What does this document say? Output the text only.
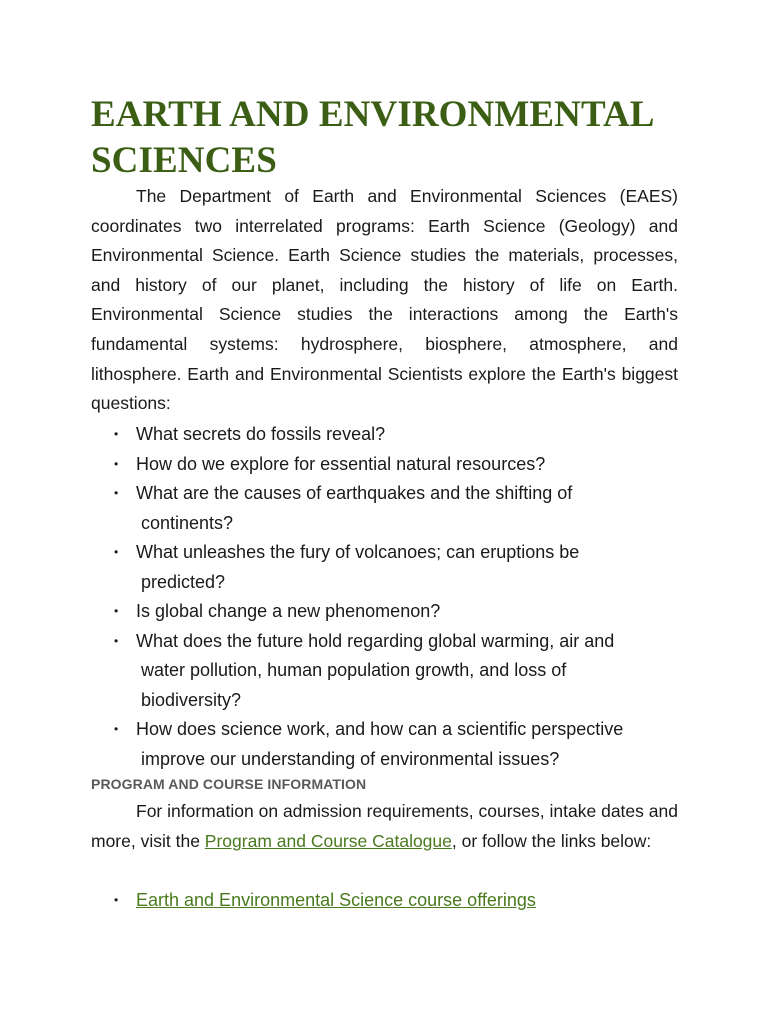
EARTH AND ENVIRONMENTAL SCIENCES

The Department of Earth and Environmental Sciences (EAES) coordinates two interrelated programs: Earth Science (Geology) and Environmental Science. Earth Science studies the materials, processes, and history of our planet, including the history of life on Earth. Environmental Science studies the interactions among the Earth's fundamental systems: hydrosphere, biosphere, atmosphere, and lithosphere. Earth and Environmental Scientists explore the Earth's biggest questions:

• What secrets do fossils reveal?
• How do we explore for essential natural resources?
• What are the causes of earthquakes and the shifting of
continents?
• What unleashes the fury of volcanoes; can eruptions be
predicted?
• Is global change a new phenomenon?
• What does the future hold regarding global warming, air and
water pollution, human population growth, and loss of
biodiversity?
• How does science work, and how can a scientific perspective
improve our understanding of environmental issues?
PROGRAM AND COURSE INFORMATION

For information on admission requirements, courses, intake dates and more, visit the Program and Course Catalogue, or follow the links below:

• Earth and Environmental Science course offerings
